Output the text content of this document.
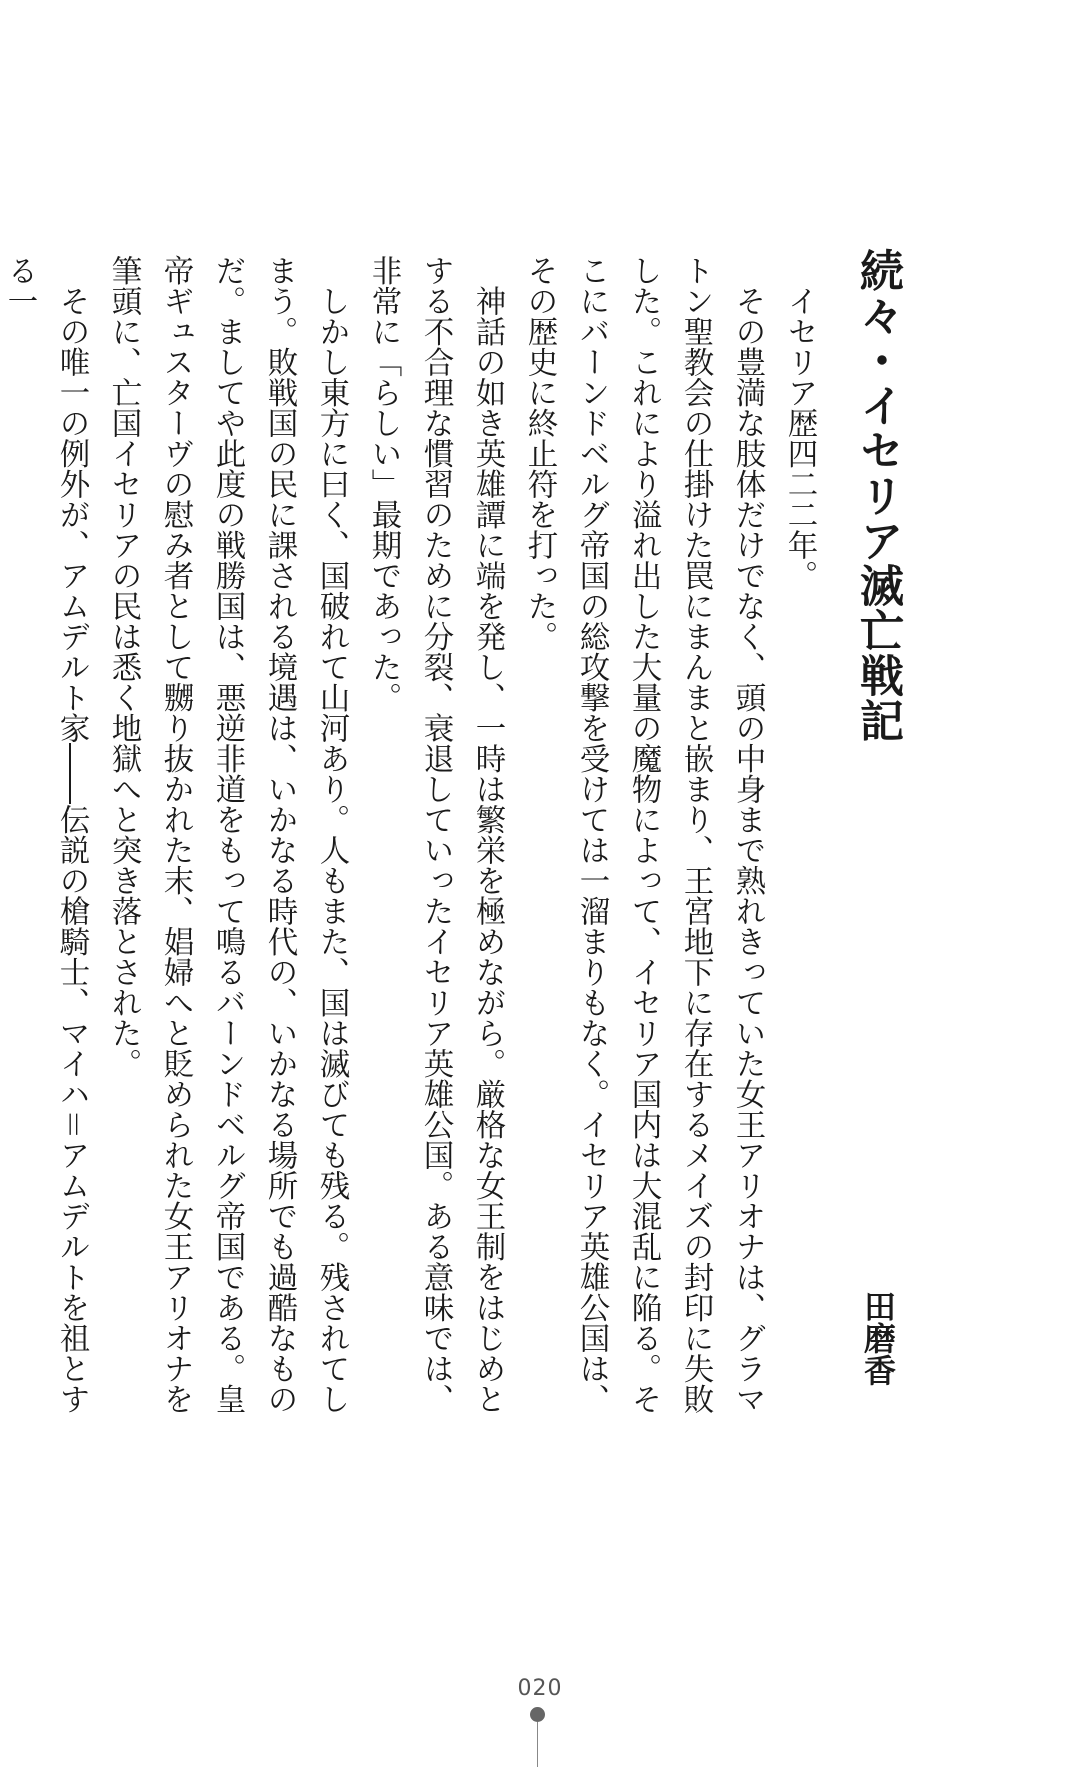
続々・イセリア滅亡戦記
田磨香
　イセリア歴四二二年。
　その豊満な肢体だけでなく、頭の中身まで熟れきっていた女王アリオナは、グラマトン聖教会の仕掛けた罠にまんまと嵌まり、王宮地下に存在するメイズの封印に失敗した。これにより溢れ出した大量の魔物によって、イセリア国内は大混乱に陥る。そこにバーンドベルグ帝国の総攻撃を受けては一溜まりもなく。イセリア英雄公国は、その歴史に終止符を打った。
　神話の如き英雄譚に端を発し、一時は繁栄を極めながら。厳格な女王制をはじめとする不合理な慣習のために分裂、衰退していったイセリア英雄公国。ある意味では、非常に「らしい」最期であった。
　しかし東方に曰く、国破れて山河あり。人もまた、国は滅びても残る。残されてしまう。敗戦国の民に課される境遇は、いかなる時代の、いかなる場所でも過酷なものだ。ましてや此度の戦勝国は、悪逆非道をもって鳴るバーンドベルグ帝国である。皇帝ギュスターヴの慰み者として嬲り抜かれた末、娼婦へと貶められた女王アリオナを筆頭に、亡国イセリアの民は悉く地獄へと突き落とされた。
　その唯一の例外が、アムデルト家――伝説の槍騎士、マイハ＝アムデルトを祖とする一
020
